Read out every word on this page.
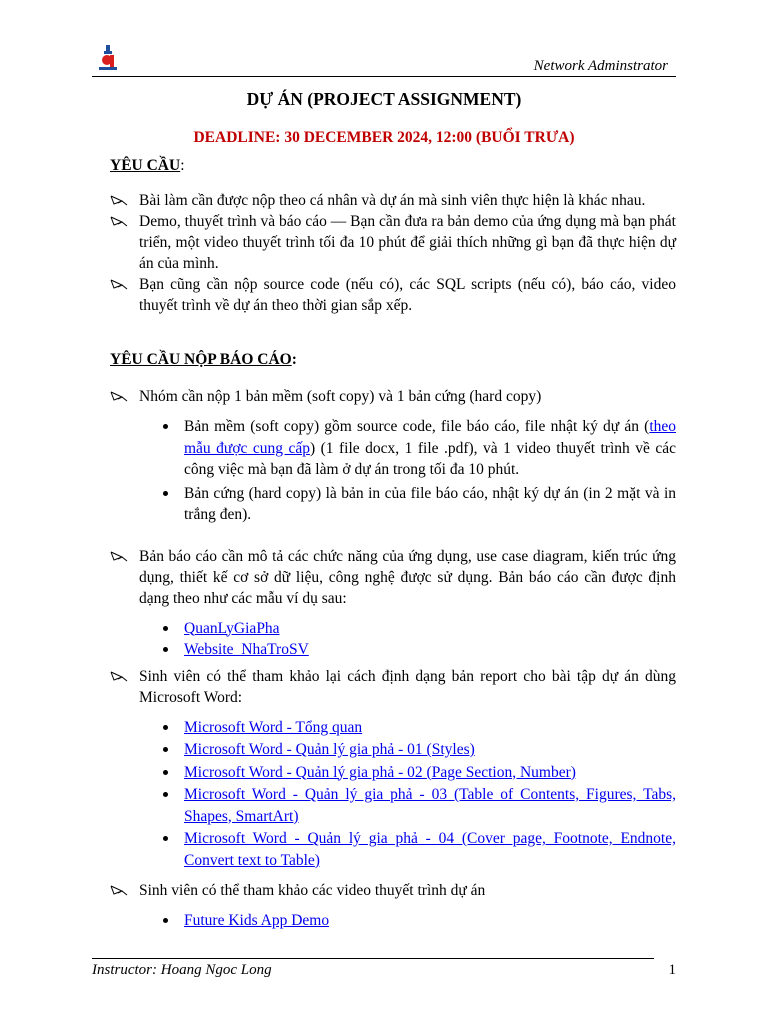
Network Adminstrator
DỰ ÁN (PROJECT ASSIGNMENT)
DEADLINE: 30 DECEMBER 2024, 12:00 (BUỔI TRƯA)

YÊU CẦU:

Bài làm cần được nộp theo cá nhân và dự án mà sinh viên thực hiện là khác nhau.
Demo, thuyết trình và báo cáo — Bạn cần đưa ra bản demo của ứng dụng mà bạn phát triển, một video thuyết trình tối đa 10 phút để giải thích những gì bạn đã thực hiện dự án của mình.
Bạn cũng cần nộp source code (nếu có), các SQL scripts (nếu có), báo cáo, video thuyết trình về dự án theo thời gian sắp xếp.

YÊU CẦU NỘP BÁO CÁO:

Nhóm cần nộp 1 bản mềm (soft copy) và 1 bản cứng (hard copy)
Bản mềm (soft copy) gồm source code, file báo cáo, file nhật ký dự án (theo mẫu được cung cấp) (1 file docx, 1 file .pdf), và 1 video thuyết trình về các công việc mà bạn đã làm ở dự án trong tối đa 10 phút.
Bản cứng (hard copy) là bản in của file báo cáo, nhật ký dự án (in 2 mặt và in trắng đen).
Bản báo cáo cần mô tả các chức năng của ứng dụng, use case diagram, kiến trúc ứng dụng, thiết kế cơ sở dữ liệu, công nghệ được sử dụng. Bản báo cáo cần được định dạng theo như các mẫu ví dụ sau:
QuanLyGiaPha
Website_NhaTroSV
Sinh viên có thể tham khảo lại cách định dạng bản report cho bài tập dự án dùng Microsoft Word:
Microsoft Word - Tổng quan
Microsoft Word - Quản lý gia phả - 01 (Styles)
Microsoft Word - Quản lý gia phả - 02 (Page Section, Number)
Microsoft Word - Quản lý gia phả - 03 (Table of Contents, Figures, Tabs, Shapes, SmartArt)
Microsoft Word - Quản lý gia phả - 04 (Cover page, Footnote, Endnote, Convert text to Table)
Sinh viên có thể tham khảo các video thuyết trình dự án
Future Kids App Demo
Instructor: Hoang Ngoc Long	1
